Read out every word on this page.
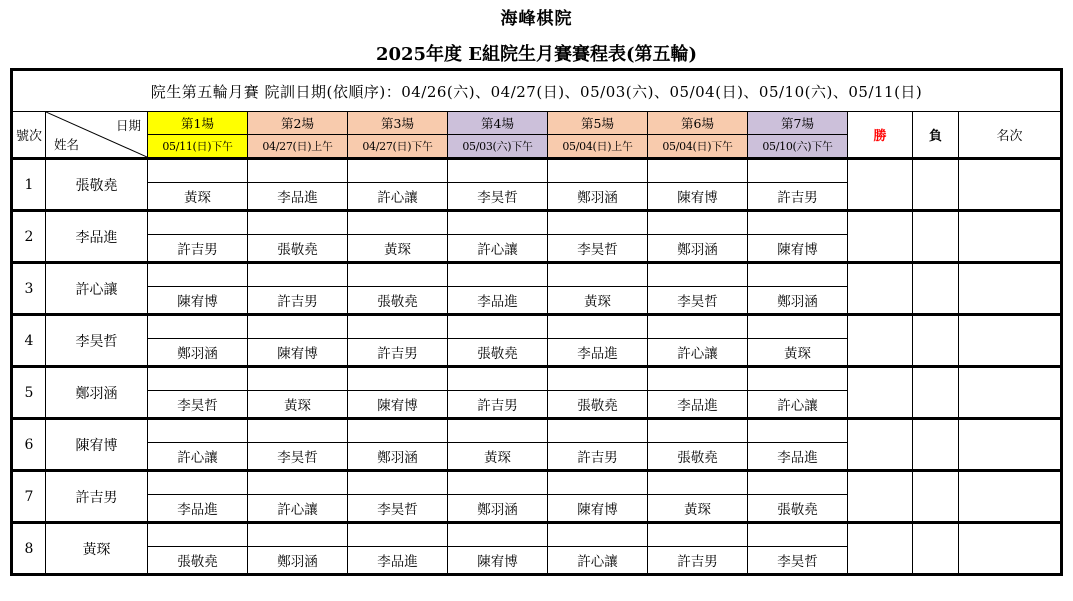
海峰棋院
2025年度 E組院生月賽賽程表(第五輪)
院生第五輪月賽 院訓日期(依順序)：04/26(六)、04/27(日)、05/03(六)、05/04(日)、05/10(六)、05/11(日)											
號次	日期
姓名	第1場	第2場	第3場	第4場	第5場	第6場	第7場	勝	負	名次
		05/11(日)下午	04/27(日)上午	04/27(日)下午	05/03(六)下午	05/04(日)上午	05/04(日)下午	05/10(六)下午			
1	張敬堯										
		黃琛	李品進	許心讓	李昊哲	鄭羽涵	陳宥博	許吉男			
2	李品進										
		許吉男	張敬堯	黃琛	許心讓	李昊哲	鄭羽涵	陳宥博			
3	許心讓										
		陳宥博	許吉男	張敬堯	李品進	黃琛	李昊哲	鄭羽涵			
4	李昊哲										
		鄭羽涵	陳宥博	許吉男	張敬堯	李品進	許心讓	黃琛			
5	鄭羽涵										
		李昊哲	黃琛	陳宥博	許吉男	張敬堯	李品進	許心讓			
6	陳宥博										
		許心讓	李昊哲	鄭羽涵	黃琛	許吉男	張敬堯	李品進			
7	許吉男										
		李品進	許心讓	李昊哲	鄭羽涵	陳宥博	黃琛	張敬堯			
8	黃琛										
		張敬堯	鄭羽涵	李品進	陳宥博	許心讓	許吉男	李昊哲			
